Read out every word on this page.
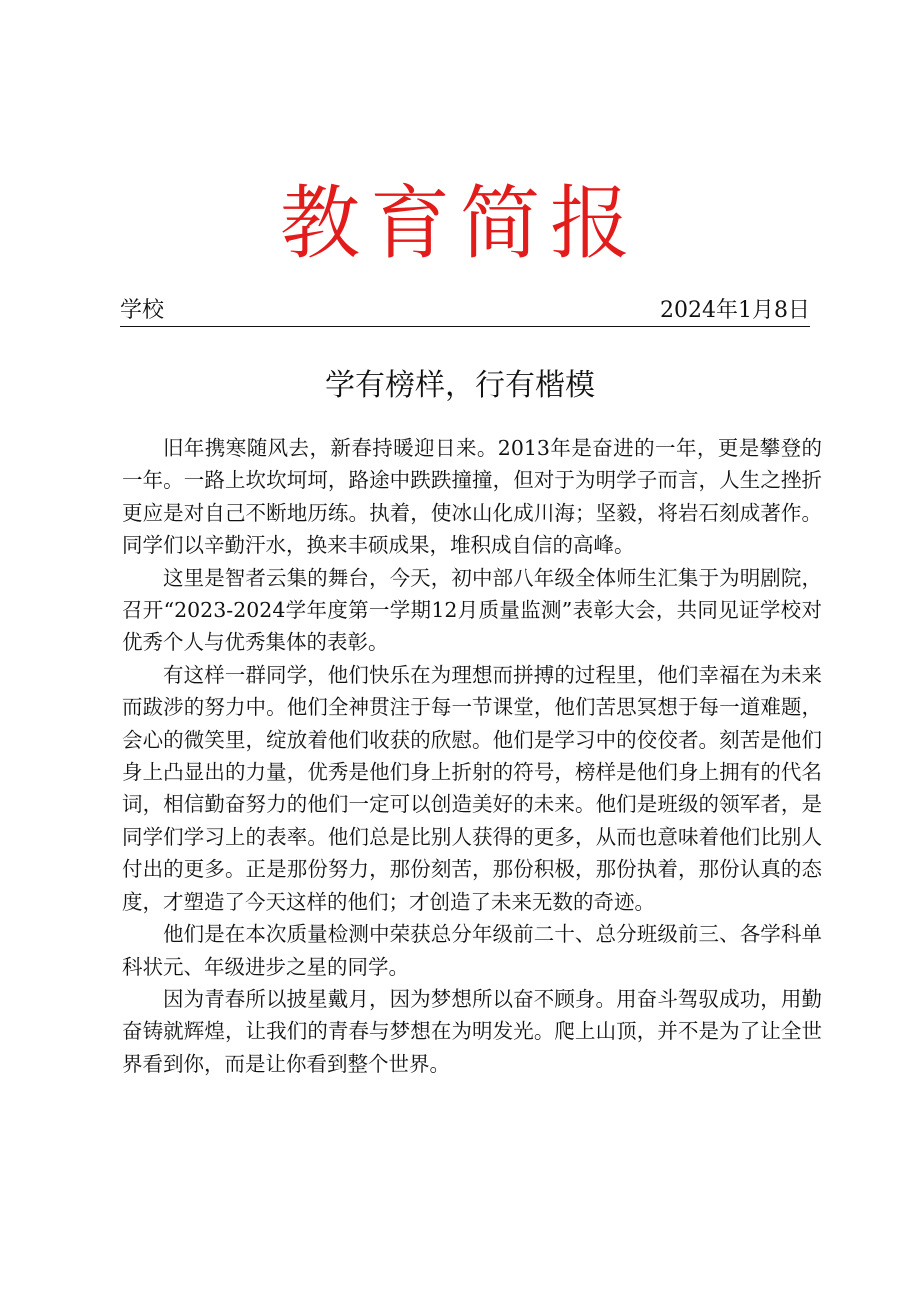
教育简报
学校	2024年1月8日
学有榜样，行有楷模

旧年携寒随风去，新春持暖迎日来。2013年是奋进的一年，更是攀登的一年。一路上坎坎坷坷，路途中跌跌撞撞，但对于为明学子而言，人生之挫折更应是对自己不断地历练。执着，使冰山化成川海；坚毅，将岩石刻成著作。同学们以辛勤汗水，换来丰硕成果，堆积成自信的高峰。

这里是智者云集的舞台，今天，初中部八年级全体师生汇集于为明剧院，召开“2023-2024学年度第一学期12月质量监测”表彰大会，共同见证学校对优秀个人与优秀集体的表彰。

有这样一群同学，他们快乐在为理想而拼搏的过程里，他们幸福在为未来而跋涉的努力中。他们全神贯注于每一节课堂，他们苦思冥想于每一道难题，会心的微笑里，绽放着他们收获的欣慰。他们是学习中的佼佼者。刻苦是他们身上凸显出的力量，优秀是他们身上折射的符号，榜样是他们身上拥有的代名词，相信勤奋努力的他们一定可以创造美好的未来。他们是班级的领军者，是同学们学习上的表率。他们总是比别人获得的更多，从而也意味着他们比别人付出的更多。正是那份努力，那份刻苦，那份积极，那份执着，那份认真的态度，才塑造了今天这样的他们；才创造了未来无数的奇迹。

他们是在本次质量检测中荣获总分年级前二十、总分班级前三、各学科单科状元、年级进步之星的同学。

因为青春所以披星戴月，因为梦想所以奋不顾身。用奋斗驾驭成功，用勤奋铸就辉煌，让我们的青春与梦想在为明发光。爬上山顶，并不是为了让全世界看到你，而是让你看到整个世界。
